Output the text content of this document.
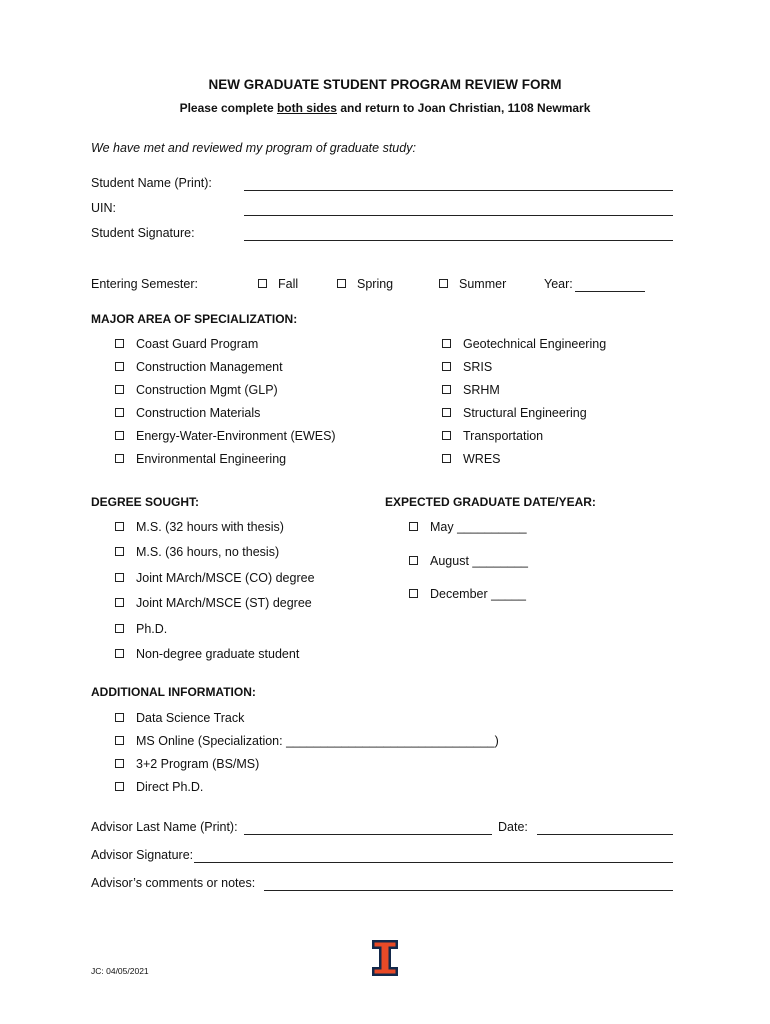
NEW GRADUATE STUDENT PROGRAM REVIEW FORM
Please complete both sides and return to Joan Christian, 1108 Newmark
We have met and reviewed my program of graduate study:
Student Name (Print):
UIN:
Student Signature:
Entering Semester:	Fall	Spring	Summer	Year:
MAJOR AREA OF SPECIALIZATION:
Coast Guard Program
Construction Management
Construction Mgmt (GLP)
Construction Materials
Energy-Water-Environment (EWES)
Environmental Engineering
Geotechnical Engineering
SRIS
SRHM
Structural Engineering
Transportation
WRES
DEGREE SOUGHT:
M.S. (32 hours with thesis)
M.S. (36 hours, no thesis)
Joint MArch/MSCE (CO) degree
Joint MArch/MSCE (ST) degree
Ph.D.
Non-degree graduate student
EXPECTED GRADUATE DATE/YEAR:
May __________
August ________
December _____
ADDITIONAL INFORMATION:
Data Science Track
MS Online (Specialization: ______________________________)
3+2 Program (BS/MS)
Direct Ph.D.
Advisor Last Name (Print):	Date:
Advisor Signature:
Advisor’s comments or notes:
JC: 04/05/2021
